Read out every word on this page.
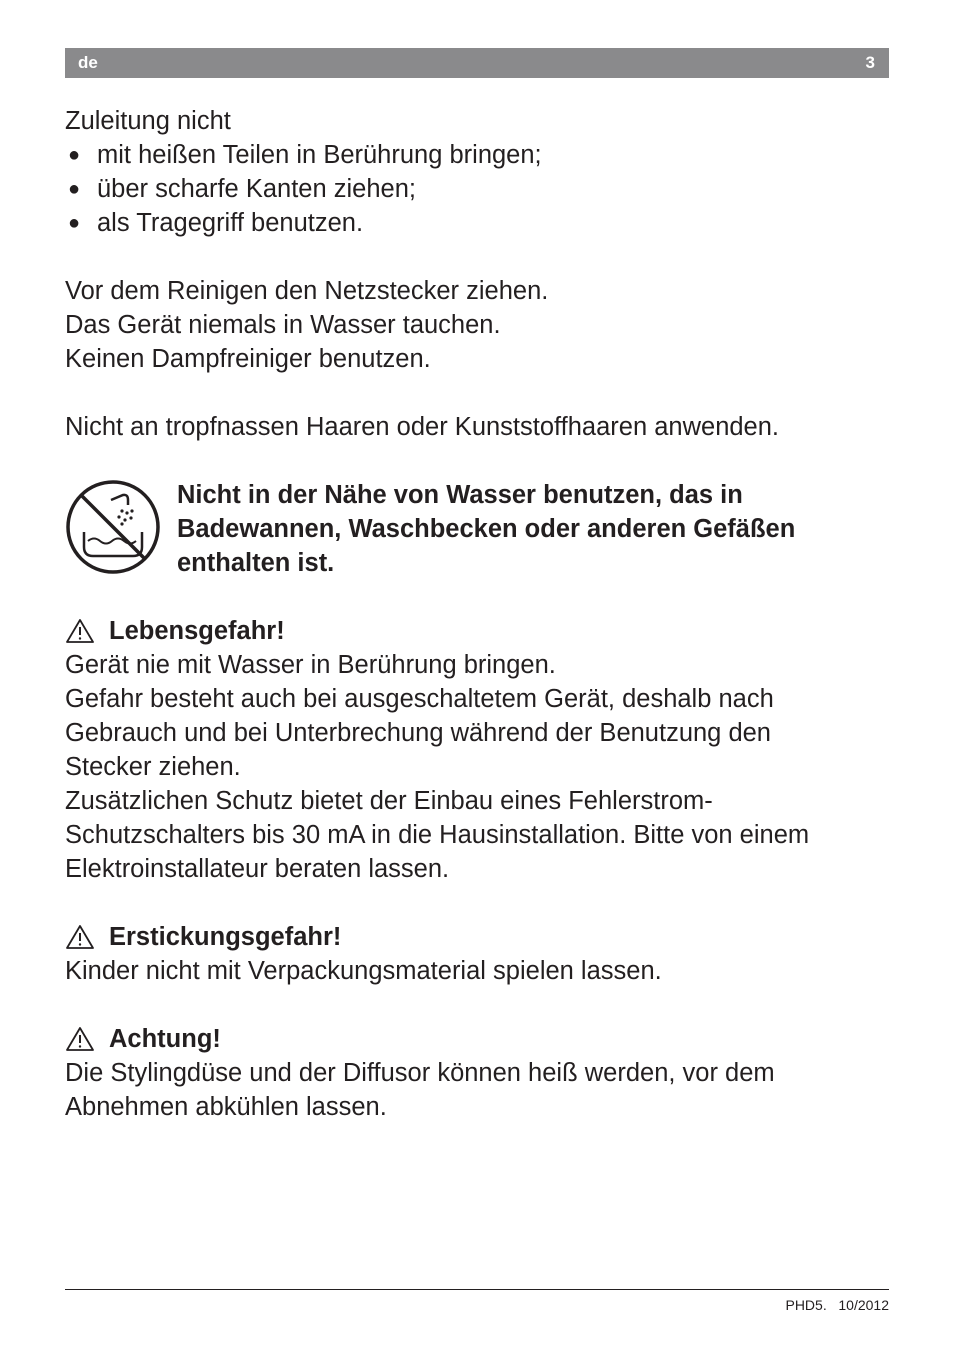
de	3

Zuleitung nicht

● mit heißen Teilen in Berührung bringen;
● über scharfe Kanten ziehen;
● als Tragegriff benutzen.

Vor dem Reinigen den Netzstecker ziehen.

Das Gerät niemals in Wasser tauchen.

Keinen Dampfreiniger benutzen.

Nicht an tropfnassen Haaren oder Kunststoffhaaren anwenden.

Nicht in der Nähe von Wasser benutzen, das in

Badewannen, Waschbecken oder anderen Gefäßen

enthalten ist.

Lebensgefahr!

Gerät nie mit Wasser in Berührung bringen.

Gefahr besteht auch bei ausgeschaltetem Gerät, deshalb nach

Gebrauch und bei Unterbrechung während der Benutzung den

Stecker ziehen.

Zusätzlichen Schutz bietet der Einbau eines Fehlerstrom-

Schutzschalters bis 30 mA in die Hausinstallation. Bitte von einem

Elektroinstallateur beraten lassen.

Erstickungsgefahr!

Kinder nicht mit Verpackungsmaterial spielen lassen.

Achtung!

Die Stylingdüse und der Diffusor können heiß werden, vor dem

Abnehmen abkühlen lassen.

PHD5. 10/2012
